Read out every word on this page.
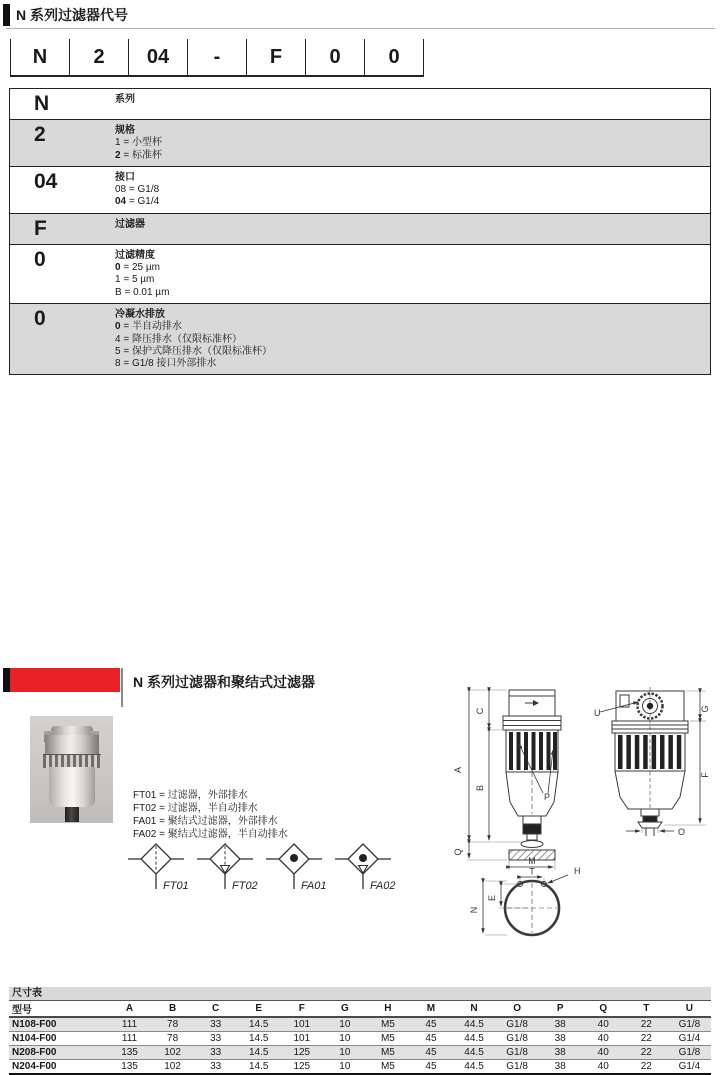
N 系列过滤器代号
N	2	04	-	F	0	0
N	系列
2	规格
1 = 小型杯
2 = 标准杯
04	接口
08 = G1/8
04 = G1/4
F	过滤器
0	过滤精度
0 = 25 µm
1 = 5 µm
B = 0.01 µm
0	冷凝水排放
0 = 半自动排水
4 = 降压排水（仅限标准杯）
5 = 保护式降压排水（仅限标准杯）
8 = G1/8 接口外部排水
N 系列过滤器和聚结式过滤器
FT01 = 过滤器，外部排水
FT02 = 过滤器，半自动排水
FA01 = 聚结式过滤器，外部排水
FA02 = 聚结式过滤器，半自动排水
FT01	FT02	FA01	FA02
A
C
B
Q
P
M
T	H
N
E
U	G
F
O
尺寸表
型号	A	B	C	E	F	G	H	M	N	O	P	Q	T	U
N108-F00	111	78	33	14.5	101	10	M5	45	44.5	G1/8	38	40	22	G1/8
N104-F00	111	78	33	14.5	101	10	M5	45	44.5	G1/8	38	40	22	G1/4
N208-F00	135	102	33	14.5	125	10	M5	45	44.5	G1/8	38	40	22	G1/8
N204-F00	135	102	33	14.5	125	10	M5	45	44.5	G1/8	38	40	22	G1/4
